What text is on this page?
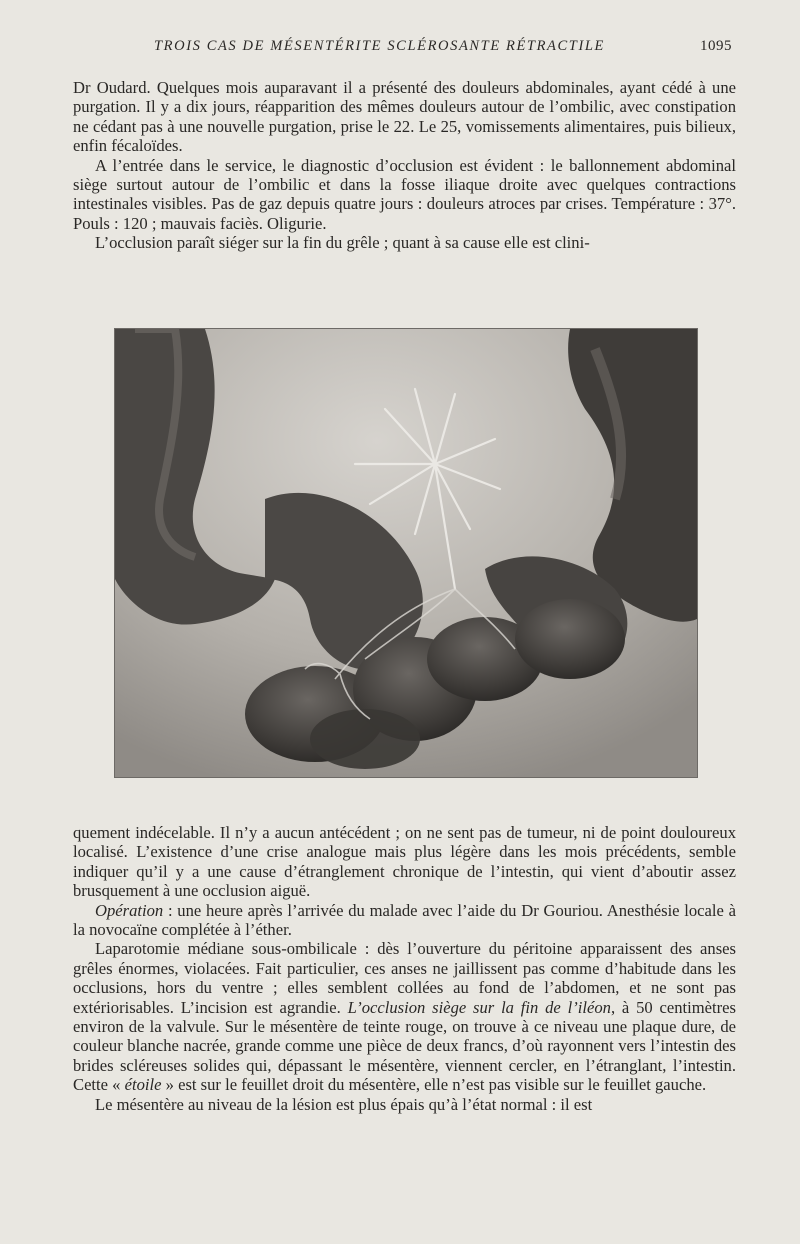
TROIS CAS DE MÉSENTÉRITE SCLÉROSANTE RÉTRACTILE	1095

Dr Oudard. Quelques mois auparavant il a présenté des douleurs abdominales, ayant cédé à une purgation. Il y a dix jours, réapparition des mêmes douleurs autour de l’ombilic, avec constipation ne cédant pas à une nouvelle purgation, prise le 22. Le 25, vomissements alimentaires, puis bilieux, enfin fécaloïdes.

A l’entrée dans le service, le diagnostic d’occlusion est évident : le ballonnement abdominal siège surtout autour de l’ombilic et dans la fosse iliaque droite avec quelques contractions intestinales visibles. Pas de gaz depuis quatre jours : douleurs atroces par crises. Température : 37°. Pouls : 120 ; mauvais faciès. Oligurie.

L’occlusion paraît siéger sur la fin du grêle ; quant à sa cause elle est clini-

quement indécelable. Il n’y a aucun antécédent ; on ne sent pas de tumeur, ni de point douloureux localisé. L’existence d’une crise analogue mais plus légère dans les mois précédents, semble indiquer qu’il y a une cause d’étranglement chronique de l’intestin, qui vient d’aboutir assez brusquement à une occlusion aiguë.

Opération : une heure après l’arrivée du malade avec l’aide du Dr Gouriou. Anesthésie locale à la novocaïne complétée à l’éther.

Laparotomie médiane sous-ombilicale : dès l’ouverture du péritoine apparaissent des anses grêles énormes, violacées. Fait particulier, ces anses ne jaillissent pas comme d’habitude dans les occlusions, hors du ventre ; elles semblent collées au fond de l’abdomen, et ne sont pas extériorisables. L’incision est agrandie. L’occlusion siège sur la fin de l’iléon, à 50 centimètres environ de la valvule. Sur le mésentère de teinte rouge, on trouve à ce niveau une plaque dure, de couleur blanche nacrée, grande comme une pièce de deux francs, d’où rayonnent vers l’intestin des brides scléreuses solides qui, dépassant le mésentère, viennent cercler, en l’étranglant, l’intestin. Cette « étoile » est sur le feuillet droit du mésentère, elle n’est pas visible sur le feuillet gauche.

Le mésentère au niveau de la lésion est plus épais qu’à l’état normal : il est
